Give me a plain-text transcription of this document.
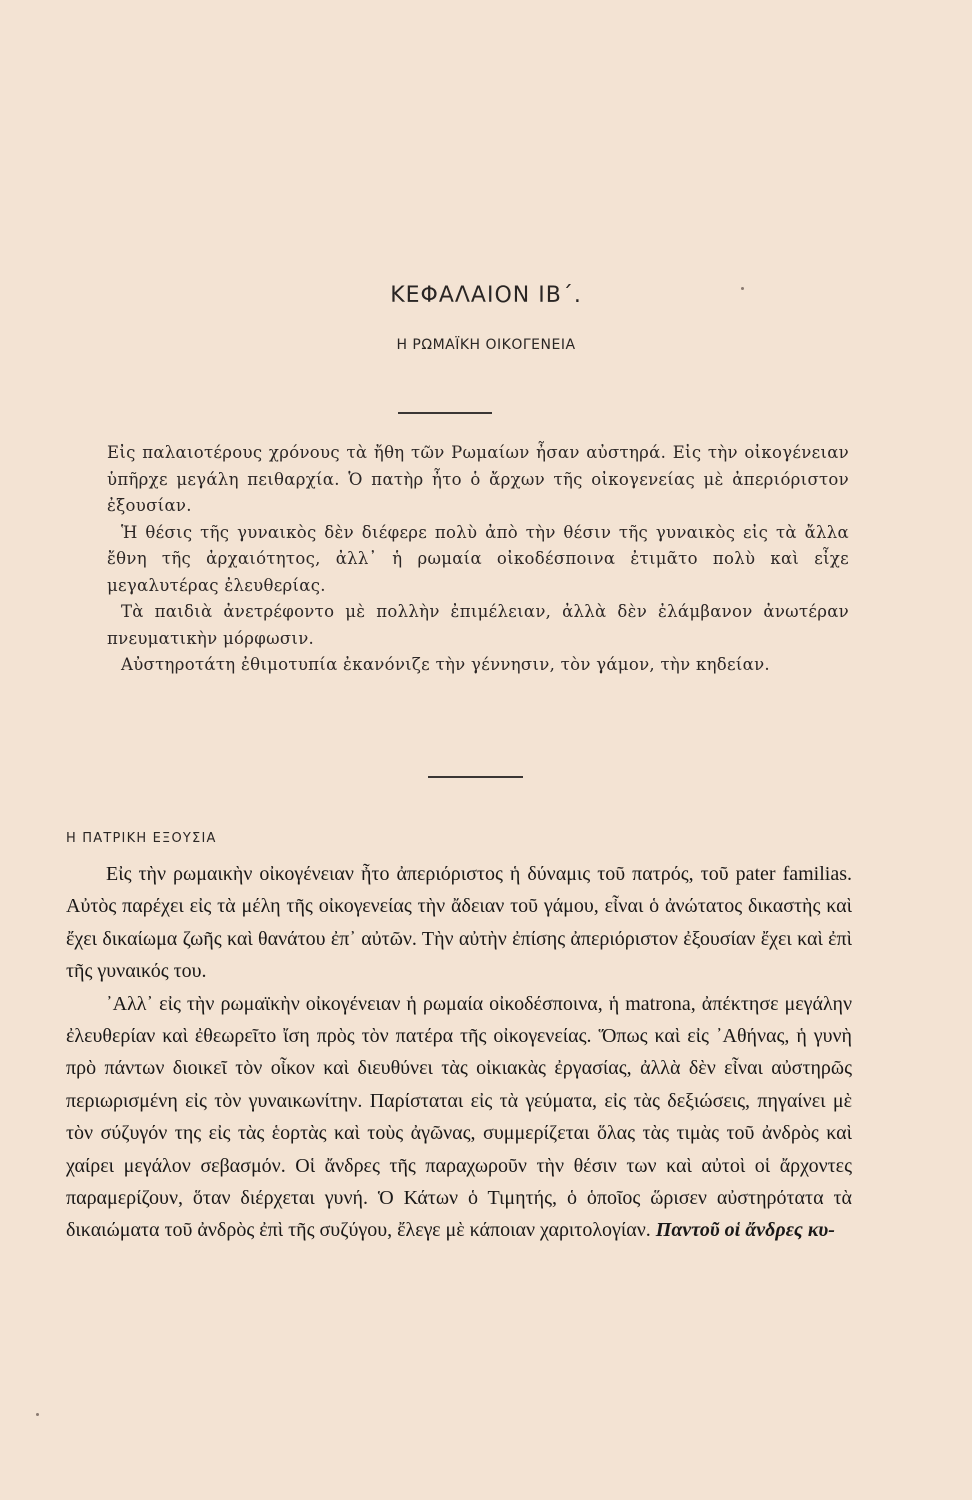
ΚΕΦΑΛΑΙΟΝ ΙΒ΄.
Η ΡΩΜΑΪΚΗ ΟΙΚΟΓΕΝΕΙΑ

Εἰς παλαιοτέρους χρόνους τὰ ἤθη τῶν Ρωμαίων ἦσαν αὐστηρά. Εἰς τὴν οἰκογένειαν ὑπῆρχε μεγάλη πειθαρχία. Ὁ πατὴρ ἦτο ὁ ἄρχων τῆς οἰκογενείας μὲ ἀπεριόριστον ἐξουσίαν.

Ἡ θέσις τῆς γυναικὸς δὲν διέφερε πολὺ ἀπὸ τὴν θέσιν τῆς γυναικὸς εἰς τὰ ἄλλα ἔθνη τῆς ἀρχαιότητος, ἀλλ᾽ ἡ ρωμαία οἰκοδέσποινα ἐτιμᾶτο πολὺ καὶ εἶχε μεγαλυτέρας ἐλευθερίας.

Τὰ παιδιὰ ἀνετρέφοντο μὲ πολλὴν ἐπιμέλειαν, ἀλλὰ δὲν ἐλάμβανον ἀνωτέραν πνευματικὴν μόρφωσιν.

Αὐστηροτάτη ἐθιμοτυπία ἐκανόνιζε τὴν γέννησιν, τὸν γάμον, τὴν κηδείαν.

Η ΠΑΤΡΙΚΗ ΕΞΟΥΣΙΑ

Εἰς τὴν ρωμαικὴν οἰκογένειαν ἦτο ἀπεριόριστος ἡ δύναμις τοῦ πατρός, τοῦ pater familias. Αὐτὸς παρέχει εἰς τὰ μέλη τῆς οἰκογενείας τὴν ἄδειαν τοῦ γάμου, εἶναι ὁ ἀνώτατος δικαστὴς καὶ ἔχει δικαίωμα ζωῆς καὶ θανάτου ἐπ᾽ αὐτῶν. Τὴν αὐτὴν ἐπίσης ἀπεριόριστον ἐξουσίαν ἔχει καὶ ἐπὶ τῆς γυναικός του.

᾽Αλλ᾽ εἰς τὴν ρωμαϊκὴν οἰκογένειαν ἡ ρωμαία οἰκοδέσποινα, ἡ matrona, ἀπέκτησε μεγάλην ἐλευθερίαν καὶ ἐθεωρεῖτο ἴση πρὸς τὸν πατέρα τῆς οἰκογενείας. Ὅπως καὶ εἰς ᾽Αθήνας, ἡ γυνὴ πρὸ πάντων διοικεῖ τὸν οἶκον καὶ διευθύνει τὰς οἰκιακὰς ἐργασίας, ἀλλὰ δὲν εἶναι αὐστηρῶς περιωρισμένη εἰς τὸν γυναικωνίτην. Παρίσταται εἰς τὰ γεύματα, εἰς τὰς δεξιώσεις, πηγαίνει μὲ τὸν σύζυγόν της εἰς τὰς ἑορτὰς καὶ τοὺς ἀγῶνας, συμμερίζεται ὅλας τὰς τιμὰς τοῦ ἀνδρὸς καὶ χαίρει μεγάλον σεβασμόν. Οἱ ἄνδρες τῆς παραχωροῦν τὴν θέσιν των καὶ αὐτοὶ οἱ ἄρχοντες παραμερίζουν, ὅταν διέρχεται γυνή. Ὁ Κάτων ὁ Τιμητής, ὁ ὁποῖος ὥρισεν αὐστηρότατα τὰ δικαιώματα τοῦ ἀνδρὸς ἐπὶ τῆς συζύγου, ἔλεγε μὲ κάποιαν χαριτολογίαν. Παντοῦ οἱ ἄνδρες κυ-
